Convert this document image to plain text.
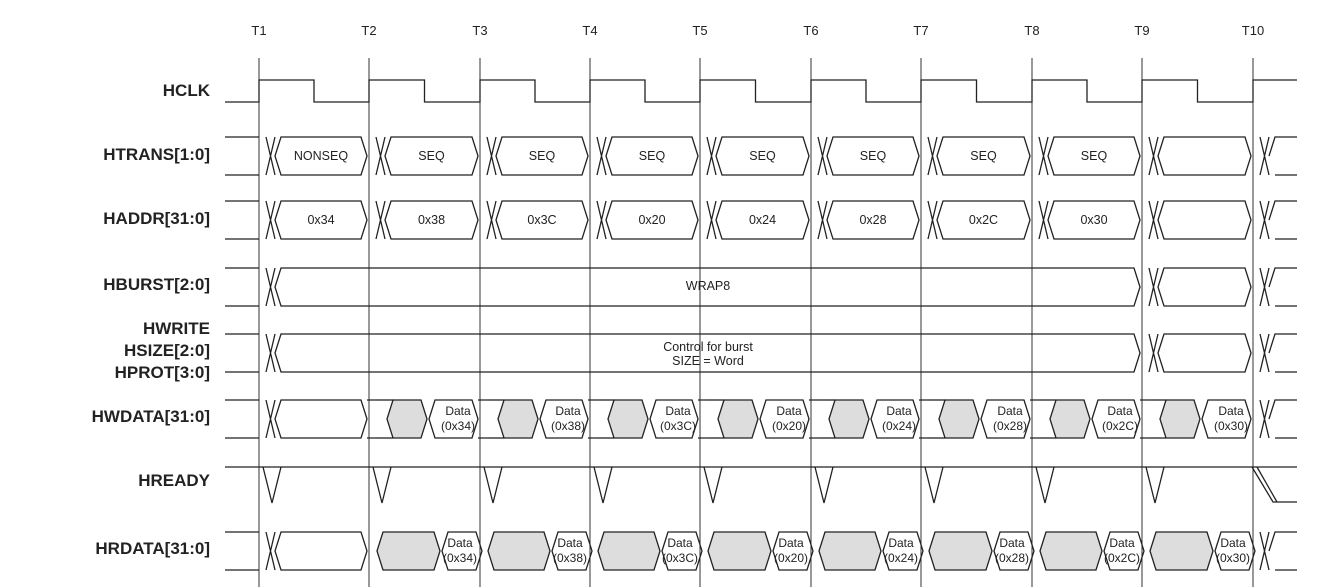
T1	T2	T3	T4	T5	T6	T7	T8	T9	T10
HCLK
HTRANS[1:0]
HADDR[31:0]
HBURST[2:0]
HWRITE
HSIZE[2:0]
HPROT[3:0]
HWDATA[31:0]
HREADY
HRDATA[31:0]
NONSEQ	SEQ	SEQ	SEQ	SEQ	SEQ	SEQ	SEQ
0x34	0x38	0x3C	0x20	0x24	0x28	0x2C	0x30
WRAP8
Control for burst
SIZE = Word
Data
(0x34)
Data
(0x38)
Data
(0x3C)
Data
(0x20)
Data
(0x24)
Data
(0x28)
Data
(0x2C)
Data
(0x30)
Data
(0x34)
Data
(0x38)
Data
(0x3C)
Data
(0x20)
Data
(0x24)
Data
(0x28)
Data
(0x2C)
Data
(0x30)
